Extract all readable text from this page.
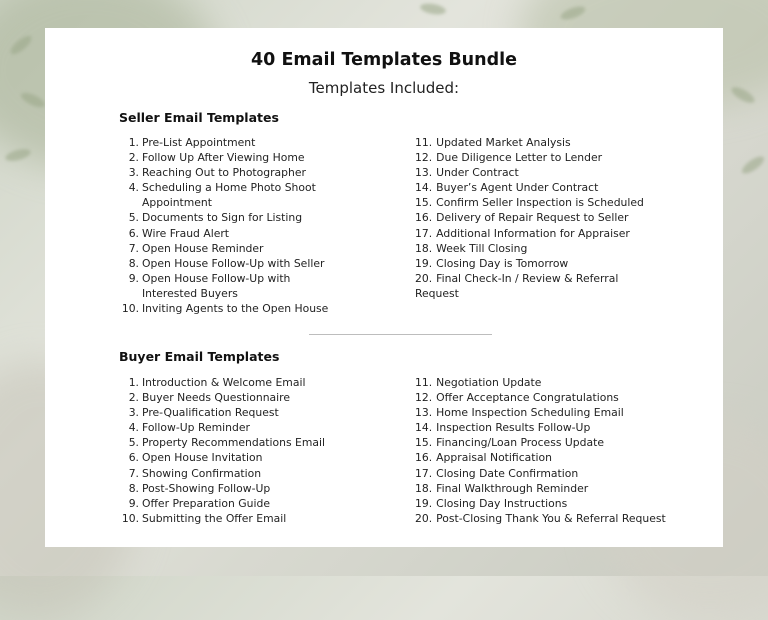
40 Email Templates Bundle
Templates Included:
Seller Email Templates
1. Pre-List Appointment
2. Follow Up After Viewing Home
3. Reaching Out to Photographer
4. Scheduling a Home Photo Shoot Appointment
5. Documents to Sign for Listing
6. Wire Fraud Alert
7. Open House Reminder
8. Open House Follow-Up with Seller
9. Open House Follow-Up with Interested Buyers
10. Inviting Agents to the Open House
11. Updated Market Analysis
12. Due Diligence Letter to Lender
13. Under Contract
14. Buyer’s Agent Under Contract
15. Confirm Seller Inspection is Scheduled
16. Delivery of Repair Request to Seller
17. Additional Information for Appraiser
18. Week Till Closing
19. Closing Day is Tomorrow
20. Final Check-In / Review & Referral Request
Buyer Email Templates
1. Introduction & Welcome Email
2. Buyer Needs Questionnaire
3. Pre-Qualification Request
4. Follow-Up Reminder
5. Property Recommendations Email
6. Open House Invitation
7. Showing Confirmation
8. Post-Showing Follow-Up
9. Offer Preparation Guide
10. Submitting the Offer Email
11. Negotiation Update
12. Offer Acceptance Congratulations
13. Home Inspection Scheduling Email
14. Inspection Results Follow-Up
15. Financing/Loan Process Update
16. Appraisal Notification
17. Closing Date Confirmation
18. Final Walkthrough Reminder
19. Closing Day Instructions
20. Post-Closing Thank You & Referral Request
